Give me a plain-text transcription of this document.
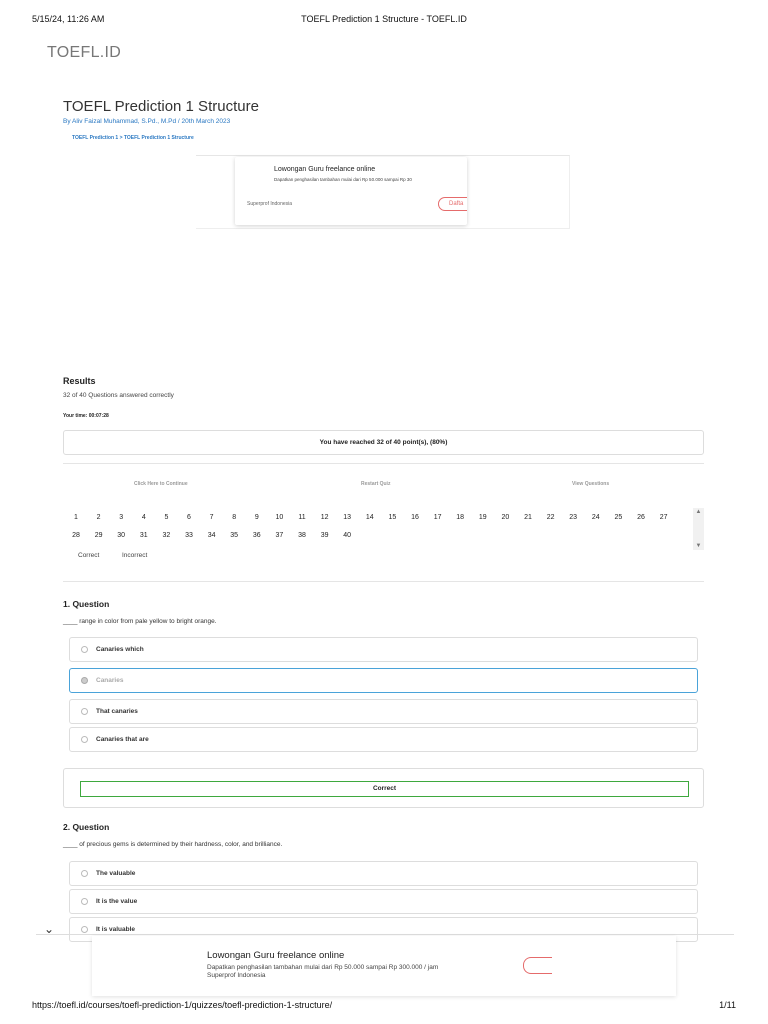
5/15/24, 11:26 AM	TOEFL Prediction 1 Structure - TOEFL.ID
TOEFL.ID
TOEFL Prediction 1 Structure
By Aliv Faizal Muhammad, S.Pd., M.Pd / 20th March 2023
TOEFL Prediction 1 > TOEFL Prediction 1 Structure
Lowongan Guru freelance online
Dapatkan penghasilan tambahan mulai dari Rp 50.000 sampai Rp 30
Superprof Indonesia	Dafta
Results
32 of 40 Questions answered correctly
Your time: 00:07:28
You have reached 32 of 40 point(s), (80%)
Click Here to Continue	Restart Quiz	View Questions
▲
▼
1	2	3	4	5	6	7	8	9	10	11	12	13	14	15	16	17	18	19	20	21	22	23	24	25	26	27
28	29	30	31	32	33	34	35	36	37	38	39	40
Correct	Incorrect
1. Question
____ range in color from pale yellow to bright orange.
Canaries which
Canaries
That canaries
Canaries that are
Correct
2. Question
____ of precious gems is determined by their hardness, color, and brilliance.
The valuable
It is the value
It is valuable
⌄
Lowongan Guru freelance online
Dapatkan penghasilan tambahan mulai dari Rp 50.000 sampai Rp 300.000 / jam
Superprof Indonesia
https://toefl.id/courses/toefl-prediction-1/quizzes/toefl-prediction-1-structure/	1/11
